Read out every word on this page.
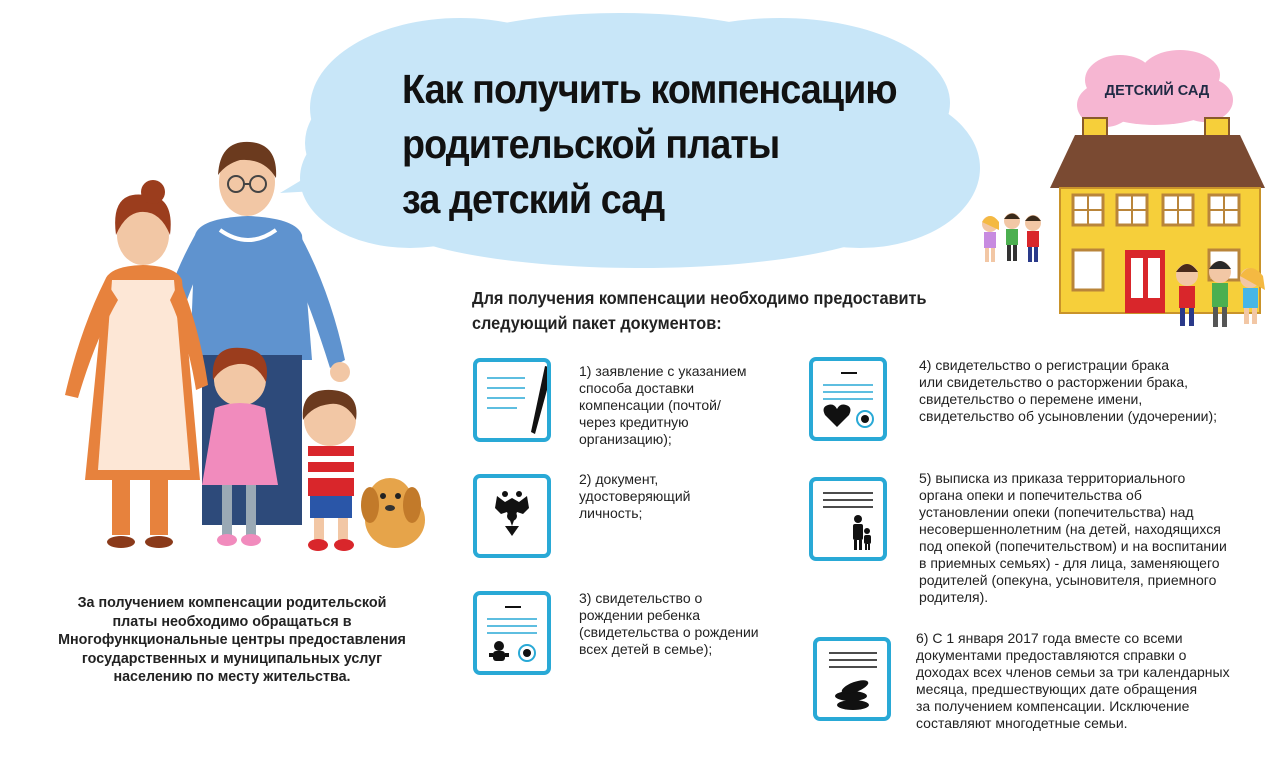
Как получить компенсацию
родительской платы
за детский сад
ДЕТСКИЙ САД
Для получения компенсации необходимо предоставить
следующий пакет документов:
1) заявление с указанием
способа доставки
компенсации (почтой/
через кредитную
организацию);
2) документ,
удостоверяющий
личность;
3) свидетельство о
рождении ребенка
(свидетельства о рождении
всех детей в семье);
4) свидетельство о регистрации брака
или свидетельство о расторжении брака,
свидетельство о перемене имени,
свидетельство об усыновлении (удочерении);
5) выписка из приказа территориального
органа опеки и попечительства об
установлении опеки (попечительства) над
несовершеннолетним (на детей, находящихся
под опекой (попечительством) и на воспитании
в приемных семьях) - для лица, заменяющего
родителей (опекуна, усыновителя, приемного
родителя).
6) С 1 января 2017 года вместе со всеми
документами предоставляются справки о
доходах всех членов семьи за три календарных
месяца, предшествующих дате обращения
за получением компенсации. Исключение
составляют многодетные семьи.
За получением компенсации родительской
платы необходимо обращаться в
Многофункциональные центры предоставления
государственных и муниципальных услуг
населению по месту жительства.
